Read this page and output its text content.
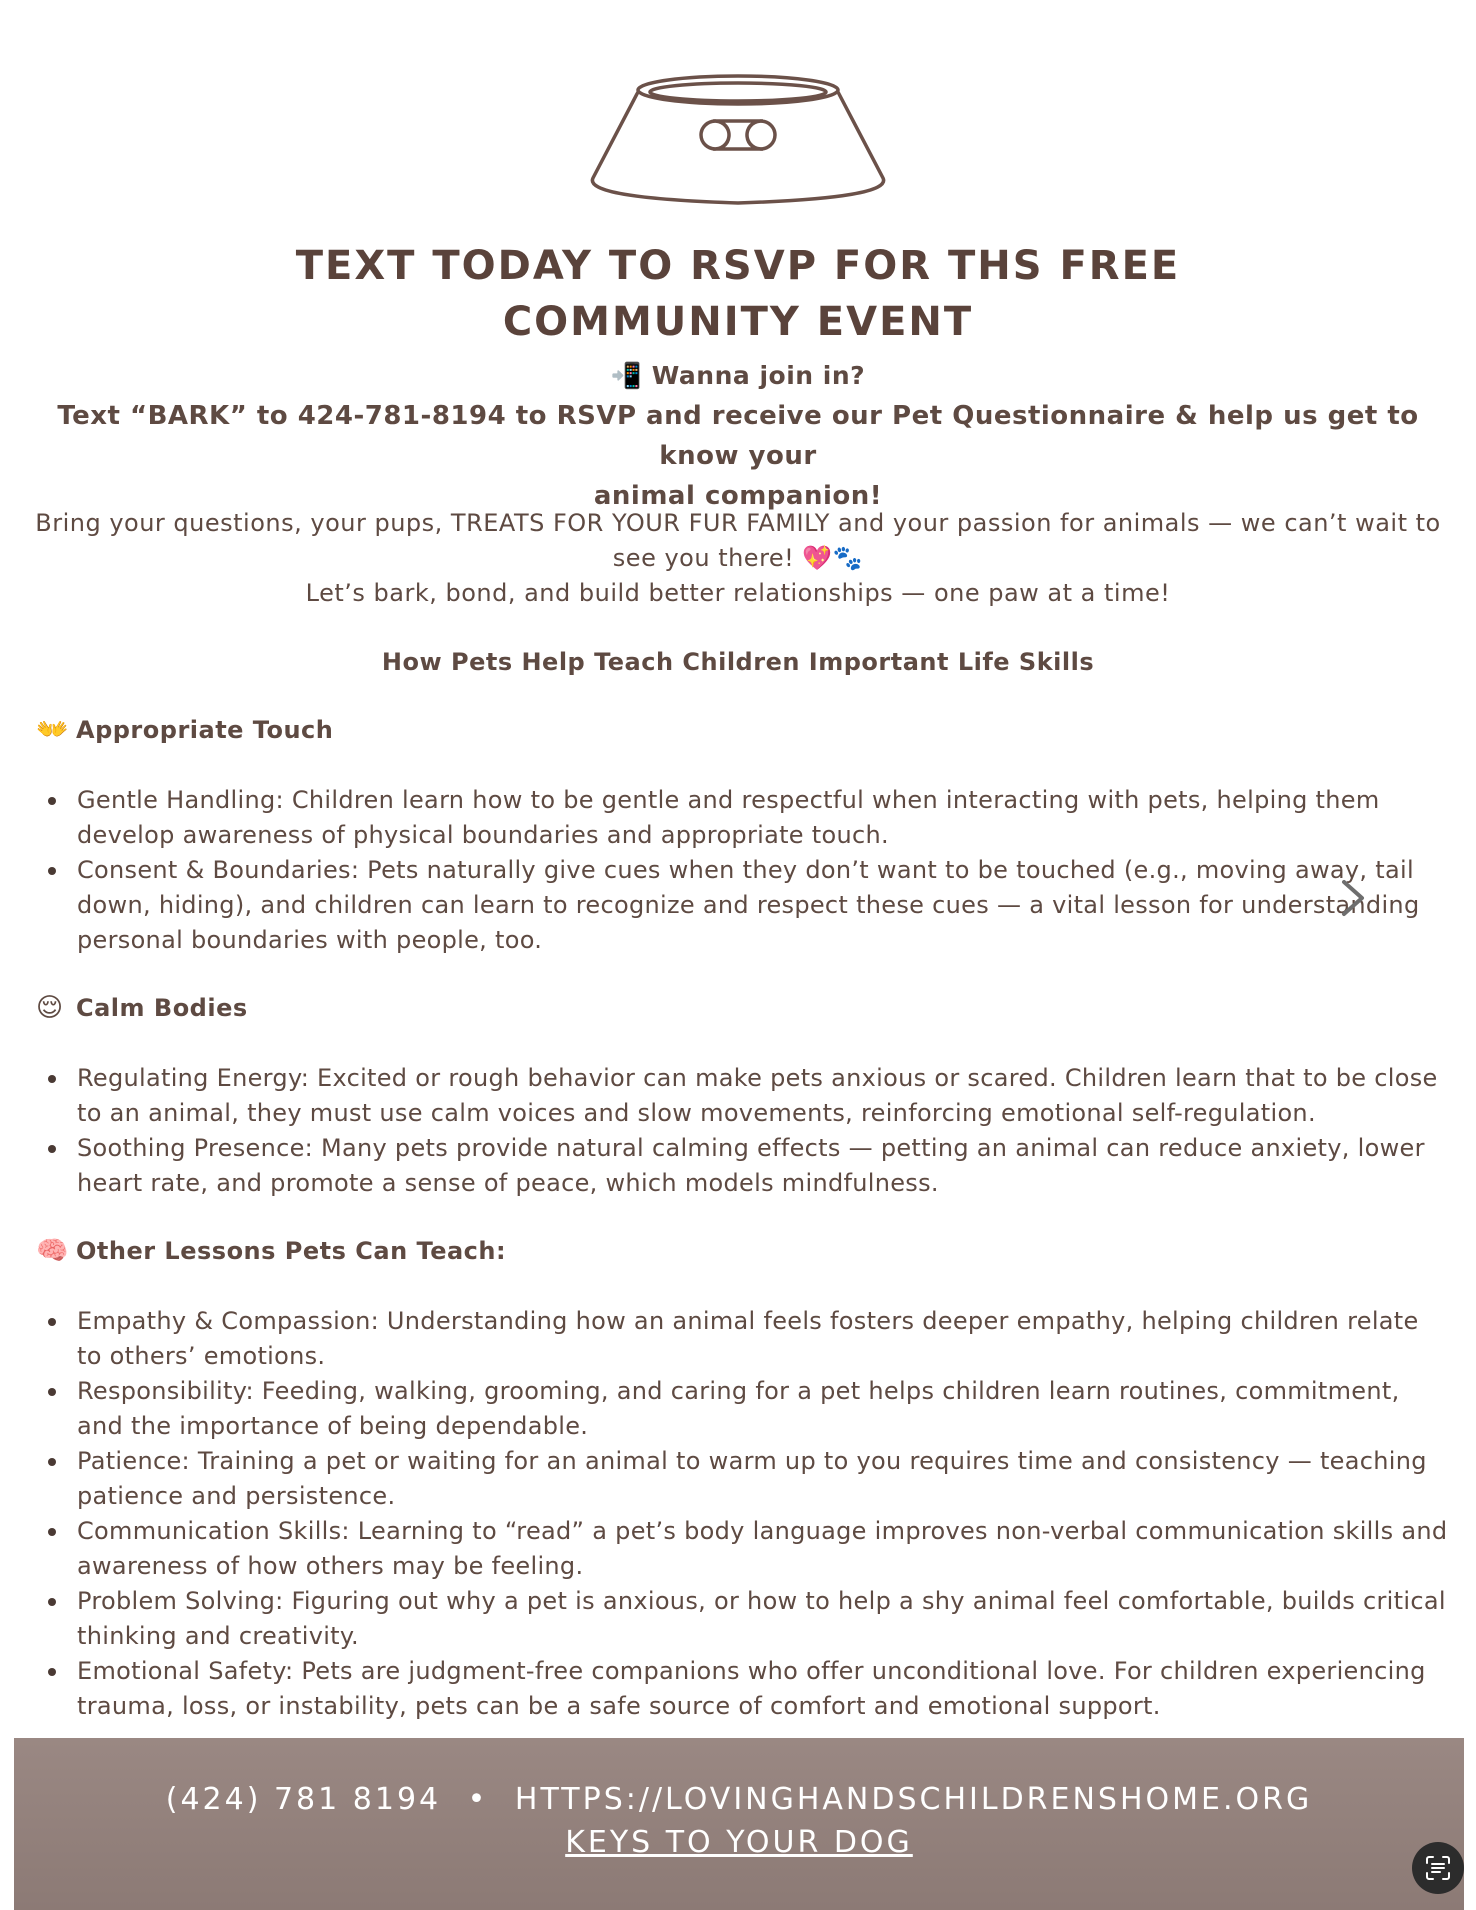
TEXT TODAY TO RSVP FOR THS FREE
COMMUNITY EVENT
📲 Wanna join in?
Text “BARK” to 424-781-8194 to RSVP and receive our Pet Questionnaire & help us get to know your
animal companion!
Bring your questions, your pups, TREATS FOR YOUR FUR FAMILY and your passion for animals — we can’t wait to
see you there! 💖🐾
Let’s bark, bond, and build better relationships — one paw at a time!
How Pets Help Teach Children Important Life Skills
👐 Appropriate Touch
Gentle Handling: Children learn how to be gentle and respectful when interacting with pets, helping them develop awareness of physical boundaries and appropriate touch.
Consent & Boundaries: Pets naturally give cues when they don’t want to be touched (e.g., moving away, tail down, hiding), and children can learn to recognize and respect these cues — a vital lesson for understanding personal boundaries with people, too.
😌 Calm Bodies
Regulating Energy: Excited or rough behavior can make pets anxious or scared. Children learn that to be close to an animal, they must use calm voices and slow movements, reinforcing emotional self-regulation.
Soothing Presence: Many pets provide natural calming effects — petting an animal can reduce anxiety, lower heart rate, and promote a sense of peace, which models mindfulness.
🧠 Other Lessons Pets Can Teach:
Empathy & Compassion: Understanding how an animal feels fosters deeper empathy, helping children relate to others’ emotions.
Responsibility: Feeding, walking, grooming, and caring for a pet helps children learn routines, commitment, and the importance of being dependable.
Patience: Training a pet or waiting for an animal to warm up to you requires time and consistency — teaching patience and persistence.
Communication Skills: Learning to “read” a pet’s body language improves non-verbal communication skills and awareness of how others may be feeling.
Problem Solving: Figuring out why a pet is anxious, or how to help a shy animal feel comfortable, builds critical thinking and creativity.
Emotional Safety: Pets are judgment-free companions who offer unconditional love. For children experiencing trauma, loss, or instability, pets can be a safe source of comfort and emotional support.
(424) 781 8194 • HTTPS://LOVINGHANDSCHILDRENSHOME.ORG
KEYS TO YOUR DOG
